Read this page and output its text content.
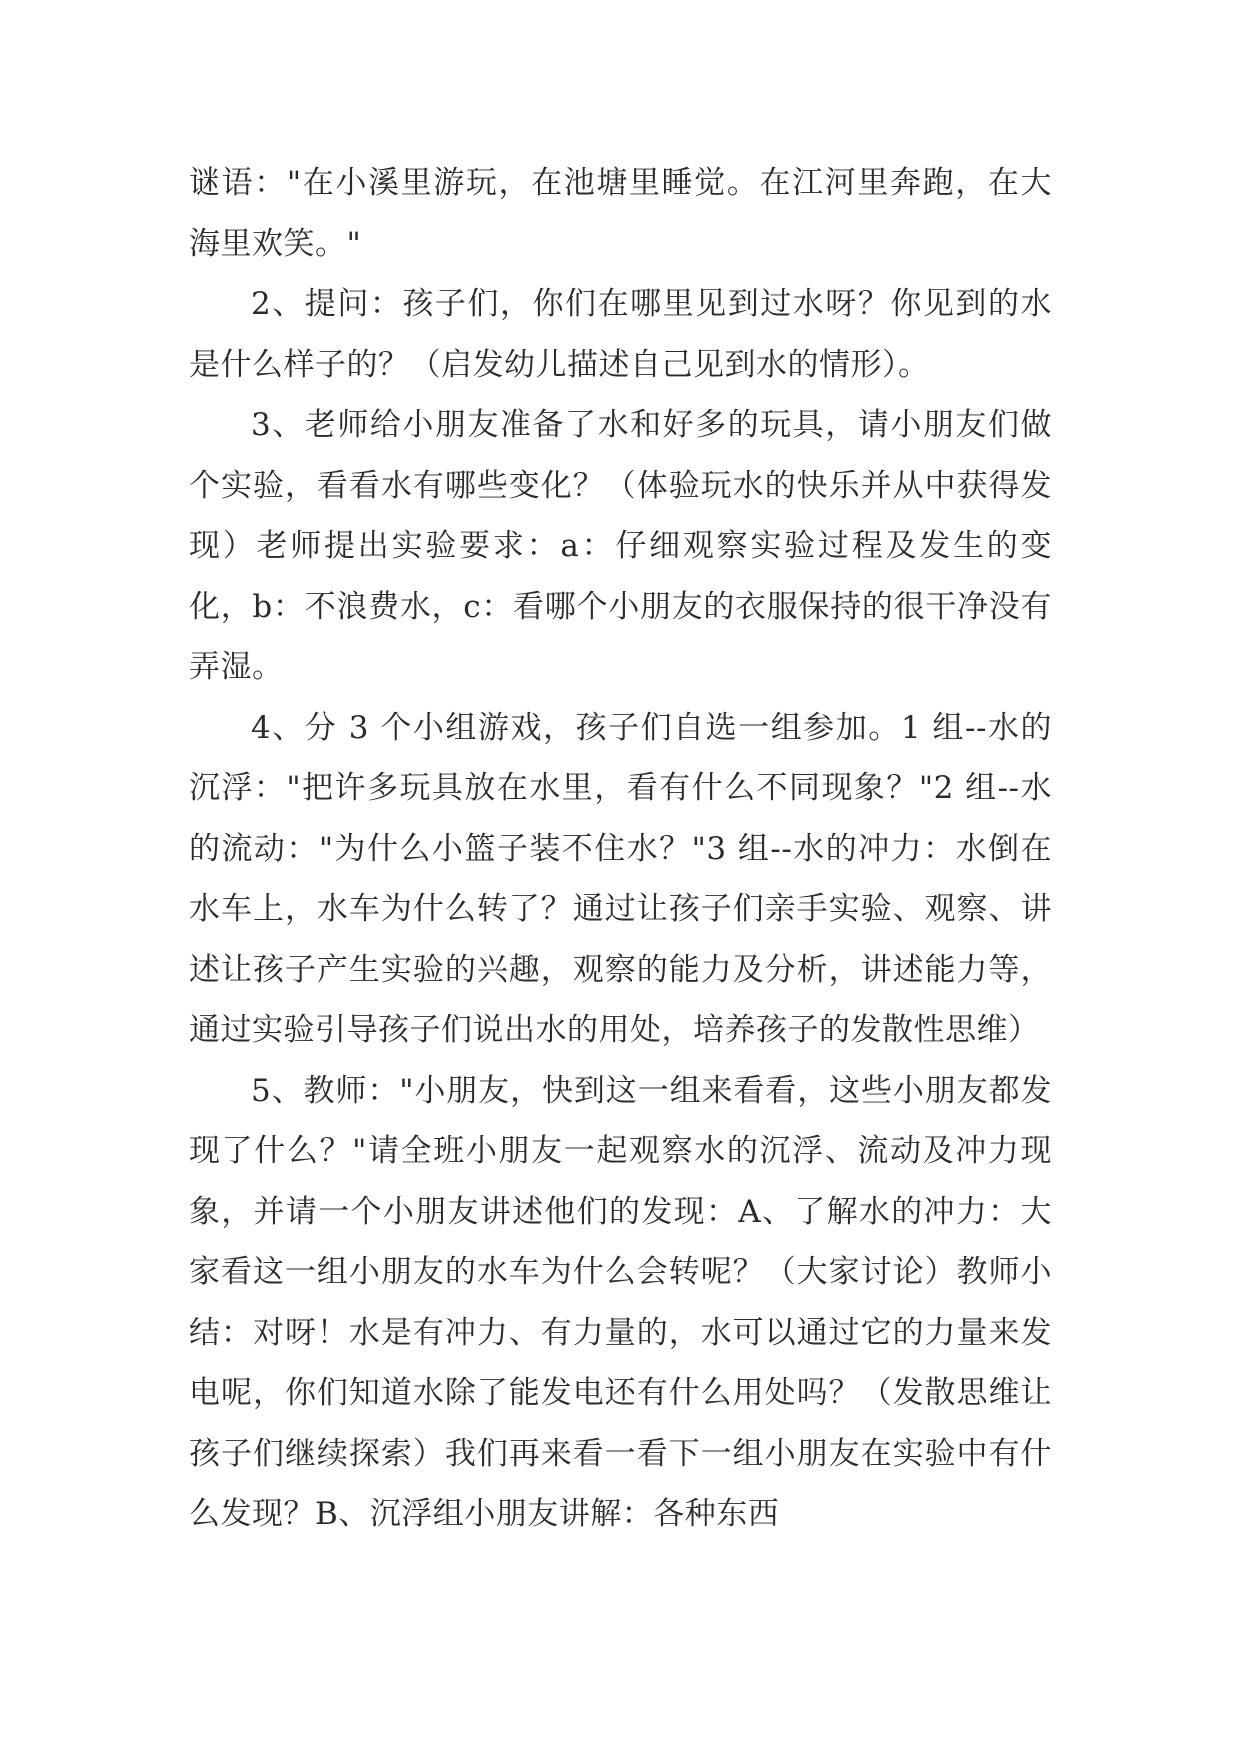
谜语："在小溪里游玩，在池塘里睡觉。在江河里奔跑，在大海里欢笑。"

2、提问：孩子们，你们在哪里见到过水呀？你见到的水是什么样子的？（启发幼儿描述自己见到水的情形）。

3、老师给小朋友准备了水和好多的玩具，请小朋友们做个实验，看看水有哪些变化？（体验玩水的快乐并从中获得发现）老师提出实验要求：a：仔细观察实验过程及发生的变化，b：不浪费水，c：看哪个小朋友的衣服保持的很干净没有弄湿。

4、分 3 个小组游戏，孩子们自选一组参加。1 组--水的沉浮："把许多玩具放在水里，看有什么不同现象？"2 组--水的流动："为什么小篮子装不住水？"3 组--水的冲力：水倒在水车上，水车为什么转了？通过让孩子们亲手实验、观察、讲述让孩子产生实验的兴趣，观察的能力及分析，讲述能力等，通过实验引导孩子们说出水的用处，培养孩子的发散性思维）

5、教师："小朋友，快到这一组来看看，这些小朋友都发现了什么？"请全班小朋友一起观察水的沉浮、流动及冲力现象，并请一个小朋友讲述他们的发现：A、了解水的冲力：大家看这一组小朋友的水车为什么会转呢？（大家讨论）教师小结：对呀！水是有冲力、有力量的，水可以通过它的力量来发电呢，你们知道水除了能发电还有什么用处吗？（发散思维让孩子们继续探索）我们再来看一看下一组小朋友在实验中有什么发现？B、沉浮组小朋友讲解：各种东西
